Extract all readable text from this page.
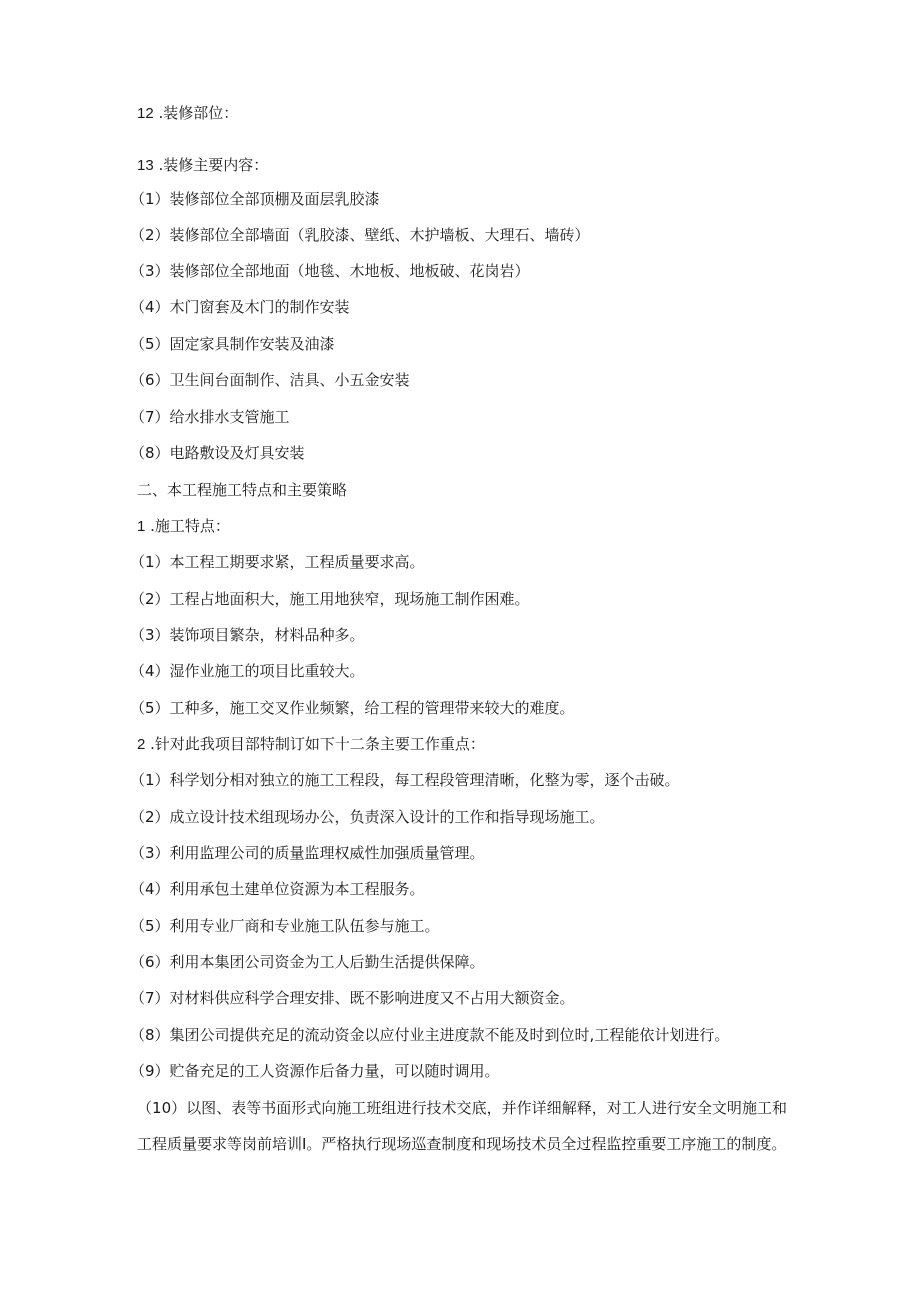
12 .装修部位：
13 .装修主要内容：
（1）装修部位全部顶棚及面层乳胶漆
（2）装修部位全部墙面（乳胶漆、壁纸、木护墙板、大理石、墙砖）
（3）装修部位全部地面（地毯、木地板、地板破、花岗岩）
（4）木门窗套及木门的制作安装
（5）固定家具制作安装及油漆
（6）卫生间台面制作、洁具、小五金安装
（7）给水排水支管施工
（8）电路敷设及灯具安装
二、本工程施工特点和主要策略
1 .施工特点：
（1）本工程工期要求紧，工程质量要求高。
（2）工程占地面积大，施工用地狭窄，现场施工制作困难。
（3）装饰项目繁杂，材料品种多。
（4）湿作业施工的项目比重较大。
（5）工种多，施工交叉作业频繁，给工程的管理带来较大的难度。
2 .针对此我项目部特制订如下十二条主要工作重点：
（1）科学划分相对独立的施工工程段，每工程段管理清晰，化整为零，逐个击破。
（2）成立设计技术组现场办公，负责深入设计的工作和指导现场施工。
（3）利用监理公司的质量监理权威性加强质量管理。
（4）利用承包土建单位资源为本工程服务。
（5）利用专业厂商和专业施工队伍参与施工。
（6）利用本集团公司资金为工人后勤生活提供保障。
（7）对材料供应科学合理安排、既不影响进度又不占用大额资金。
（8）集团公司提供充足的流动资金以应付业主进度款不能及时到位时,工程能依计划进行。
（9）贮备充足的工人资源作后备力量，可以随时调用。
（10）以图、表等书面形式向施工班组进行技术交底，并作详细解释，对工人进行安全文明施工和工程质量要求等岗前培训I。严格执行现场巡查制度和现场技术员全过程监控重要工序施工的制度。
